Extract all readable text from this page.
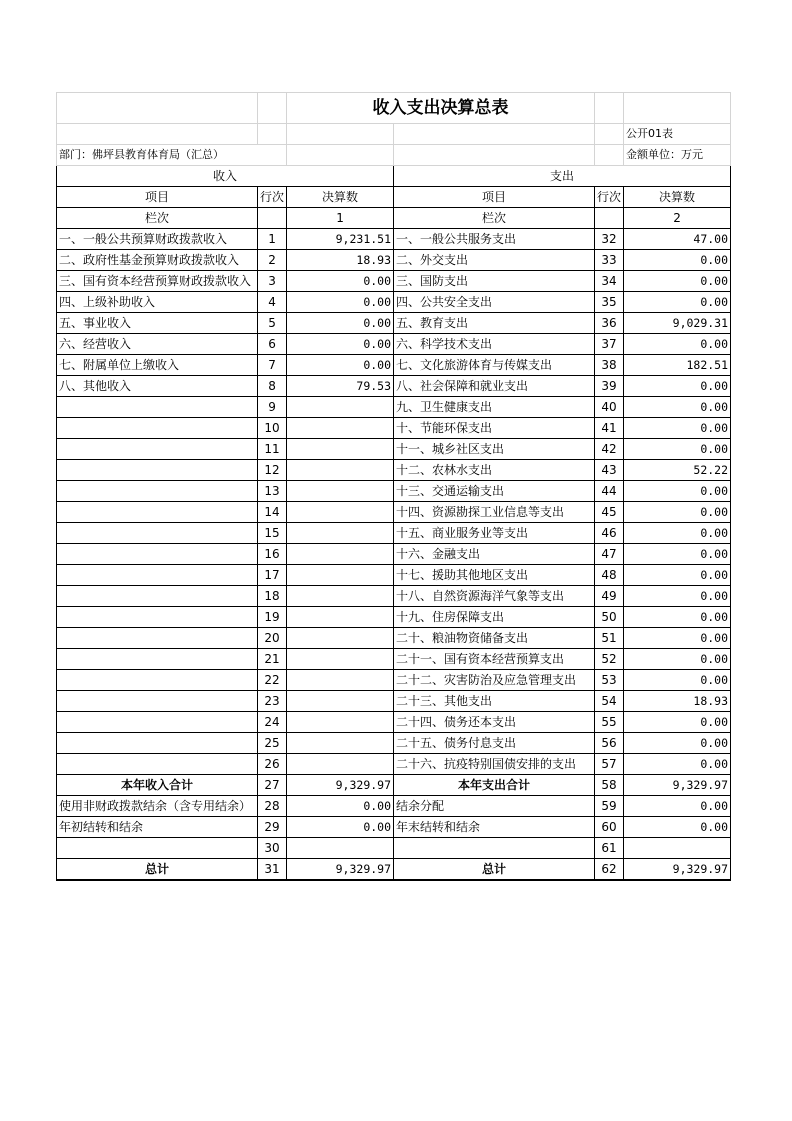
		收入支出决算总表			
					公开01表
部门：佛坪县教育体育局（汇总）					金额单位：万元
收入			支出		
项目	行次	决算数	项目	行次	决算数
栏次		1	栏次		2
一、一般公共预算财政拨款收入	1	9,231.51	一、一般公共服务支出	32	47.00
二、政府性基金预算财政拨款收入	2	18.93	二、外交支出	33	0.00
三、国有资本经营预算财政拨款收入	3	0.00	三、国防支出	34	0.00
四、上级补助收入	4	0.00	四、公共安全支出	35	0.00
五、事业收入	5	0.00	五、教育支出	36	9,029.31
六、经营收入	6	0.00	六、科学技术支出	37	0.00
七、附属单位上缴收入	7	0.00	七、文化旅游体育与传媒支出	38	182.51
八、其他收入	8	79.53	八、社会保障和就业支出	39	0.00
	9		九、卫生健康支出	40	0.00
	10		十、节能环保支出	41	0.00
	11		十一、城乡社区支出	42	0.00
	12		十二、农林水支出	43	52.22
	13		十三、交通运输支出	44	0.00
	14		十四、资源勘探工业信息等支出	45	0.00
	15		十五、商业服务业等支出	46	0.00
	16		十六、金融支出	47	0.00
	17		十七、援助其他地区支出	48	0.00
	18		十八、自然资源海洋气象等支出	49	0.00
	19		十九、住房保障支出	50	0.00
	20		二十、粮油物资储备支出	51	0.00
	21		二十一、国有资本经营预算支出	52	0.00
	22		二十二、灾害防治及应急管理支出	53	0.00
	23		二十三、其他支出	54	18.93
	24		二十四、债务还本支出	55	0.00
	25		二十五、债务付息支出	56	0.00
	26		二十六、抗疫特别国债安排的支出	57	0.00
本年收入合计	27	9,329.97	本年支出合计	58	9,329.97
使用非财政拨款结余（含专用结余）	28	0.00	结余分配	59	0.00
年初结转和结余	29	0.00	年末结转和结余	60	0.00
	30			61	
总计	31	9,329.97	总计	62	9,329.97
